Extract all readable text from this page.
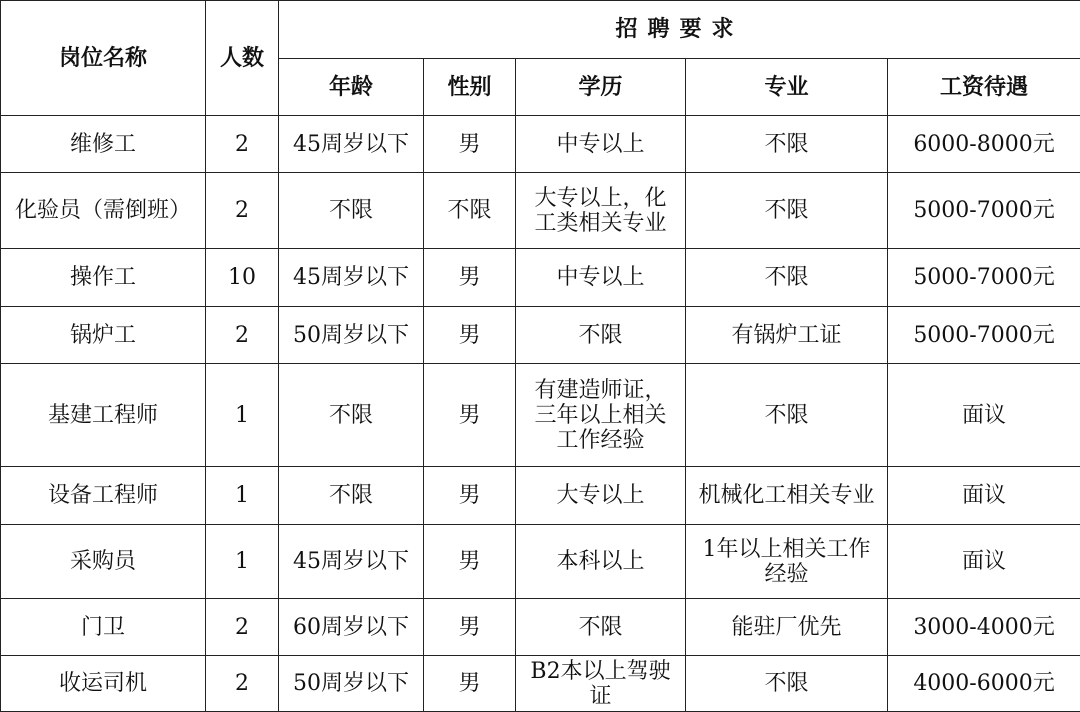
岗位名称	人数	招聘要求				
		年龄	性别	学历	专业	工资待遇
维修工	2	45周岁以下	男	中专以上	不限	6000-8000元
化验员（需倒班）	2	不限	不限	大专以上，化工类相关专业	不限	5000-7000元
操作工	10	45周岁以下	男	中专以上	不限	5000-7000元
锅炉工	2	50周岁以下	男	不限	有锅炉工证	5000-7000元
基建工程师	1	不限	男	有建造师证，三年以上相关工作经验	不限	面议
设备工程师	1	不限	男	大专以上	机械化工相关专业	面议
采购员	1	45周岁以下	男	本科以上	1年以上相关工作经验	面议
门卫	2	60周岁以下	男	不限	能驻厂优先	3000-4000元
收运司机	2	50周岁以下	男	B2本以上驾驶证	不限	4000-6000元
